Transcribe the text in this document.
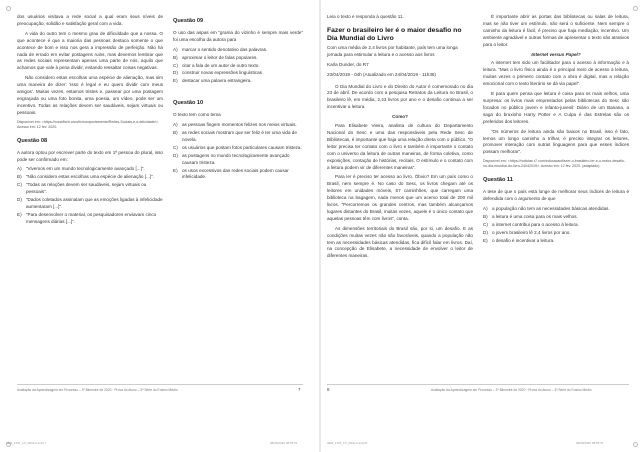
dos usuários visitava a rede social a qual eram seus níveis de preocupação, solidão e satisfação geral com a vida.

A vida do outro tem o mesmo grau de dificuldade que a nossa. O que acontece é que a maioria das pessoas destaca somente o que acontece de bom e isso nos gera a impressão de perfeição. Não há nada de errado em evitar postagens ruins, mas devemos lembrar que as redes sociais representam apenas uma parte de nós, aquilo que achamos que vale à pena dividir, evitando ressaltar coisas negativas.

Não considero estas escolhas uma espécie de alienação, mas sim uma maneira de dizer: 'isso é legal e eu quero dividir com meus amigos'. Muitas vezes, estamos tristes e, passear por uma postagem engraçada ou uma foto bonita, uma poesia, um vídeo, pode ser um incentivo. Todas as relações devem ser saudáveis, sejam virtuais ou pessoais.

Disponível em: <https://conefisch.com/br/comportamento/Redes-Sociais-e-a-felicidade/>. Acesso em: 12 fev. 2020.
Questão 08

A autora optou por escrever parte do texto em 1ª pessoa do plural, isso pode ser confirmado em:

A) “Vivemos em um mundo tecnologicamente avançado [...]”.
B) “Não considero estas escolhas uma espécie de alienação [...]”.
C) “Todas as relações devem ser saudáveis, sejam virtuais ou pessoais”.
D) “Dados coletados assinalam que as emoções ligadas à infelicidade aumentaram [...]”.
E) “Para desenvolver o material, os pesquisadores enviavam cinco mensagens diárias [...]”.
Questão 09

O uso das aspas em “grama do vizinho é sempre mais verde” foi uma escolha da autora para

A) marcar o sentido denotativo das palavras.
B) aproximar o leitor de falas populares.
C) citar a fala de um autor de outro texto.
D) construir novas expressões linguísticas.
E) destacar uma palavra estrangeira.
Questão 10

O texto tem como tema

A) as pessoas fingem momentos felizes nos meios virtuais.
B) as redes sociais mostram que ser feliz é ter uma vida de novela.
C) os usuários que postam fotos particulares causam tristeza.
D) as postagens no mundo tecnologicamente avançado causam tristeza.
E) os usos excessivos das redes sociais podem causar infelicidade.
Avaliação da Aprendizagem em Processo – 3º Bimestre de 2020 · Prova do Aluno – 3ª Série do Ensino Médio	7
3EM_1TRI_LP_MIOLO.indd 7	08/09/2020 08:55:51

Leia o texto e responda à questão 11.

Fazer o brasileiro ler é o maior desafio no Dia Mundial do Livro

Com uma média de 2,4 livros por habitante, país tem uma longa jornada para estimular a leitura e o acesso aos livros

Karla Dunder, do R7

23/04/2019 - 04h (Atualizado em 24/04/2019 - 11h36)

O Dia Mundial do Livro e do Direito do Autor é comemorado no dia 23 de abril. De acordo com a pesquisa Retratos da Leitura no Brasil, o brasileiro lê, em média, 2,43 livros por ano e o desafio continua a ser incentivar a leitura.

Como?

Para Elisabete Vieira, analista de cultura do Departamento Nacional do Sesc e uma das responsáveis pela Rede Sesc de Bibliotecas, é importante que haja uma relação direta com o público. “O leitor precisa ter contato com o livro e também é importante o contato com o universo da leitura de outras maneiras, de forma coletiva, como exposições, contação de histórias, recitais. O estímulo e o contato com a leitura podem vir de diferentes maneiras”.

Para ler é preciso ter acesso ao livro. Óbvio? Em um país como o Brasil, nem sempre é. No caso do Sesc, os livros chegam até os leitores em unidades móveis, 57 caminhões, que carregam uma biblioteca na bagagem, nada menos que um acervo total de 200 mil livros. “Percorremos os grandes centros, mas também alcançamos lugares distantes do Brasil, muitas vezes, aquele é o único contato que aquelas pessoas têm com livros”, conta.

As dimensões territoriais do Brasil são, por si, um desafio. E as condições muitas vezes não são favoráveis, quando a população não tem as necessidades básicas atendidas, fica difícil falar em livros. Daí, na concepção de Elisabete, a necessidade de envolver o leitor de diferentes maneiras.

É importante abrir as portas das bibliotecas ou salas de leitura, mas se não tiver um estímulo, não será o suficiente. Nem sempre o caminho da leitura é fácil, é preciso que haja mediação, incentivo. Um ambiente agradável e outras formas de apresentar o texto são atrativos para o leitor.

Internet versus Papel?

A internet tem sido um facilitador para o acesso à informação e à leitura. “Mas o livro físico ainda é o principal meio de acesso à leitura, muitas vezes o primeiro contato com a obra é digital, mas a relação emocional com o texto literário se dá via papel”.

E para quem pensa que leitura é coisa para os mais velhos, uma surpresa: os livros mais emprestados pelas bibliotecas do Sesc são focados no público jovem e infanto-juvenil: Diário de um Banana, a saga do bruxinho Harry Potter e A Culpa é das Estrelas são os preferidos dos leitores.

“Os números de leitura ainda são baixos no Brasil, isso é fato, temos um longo caminho a trilhar, é preciso integrar os leitores, promover interação com outras linguagens para que esses índices possam melhorar”.

Disponível em: <https://noticias.r7.com/educacao/fazer-o-brasileiro-ler-e-o-maior-desafio-no-dia-mundial-do-livro-24042019>. Acesso em: 12 fev. 2020. (adaptado)
Questão 11

A tese de que o país está longe de melhorar seus índices de leitura é defendida com o argumento de que

A) a população não tem as necessidades básicas atendidas.
B) a leitura é uma coisa para os mais velhos.
C) a internet contribui para o acesso à leitura.
D) o jovem brasileiro lê 2,4 livros por ano.
E) o desafio é incentivar a leitura.
8	Avaliação da Aprendizagem em Processo – 3º Bimestre de 2020 · Prova do Aluno – 3ª Série do Ensino Médio
3EM_1TRI_LP_MIOLO.indd 8	08/09/2020 08:55:51
